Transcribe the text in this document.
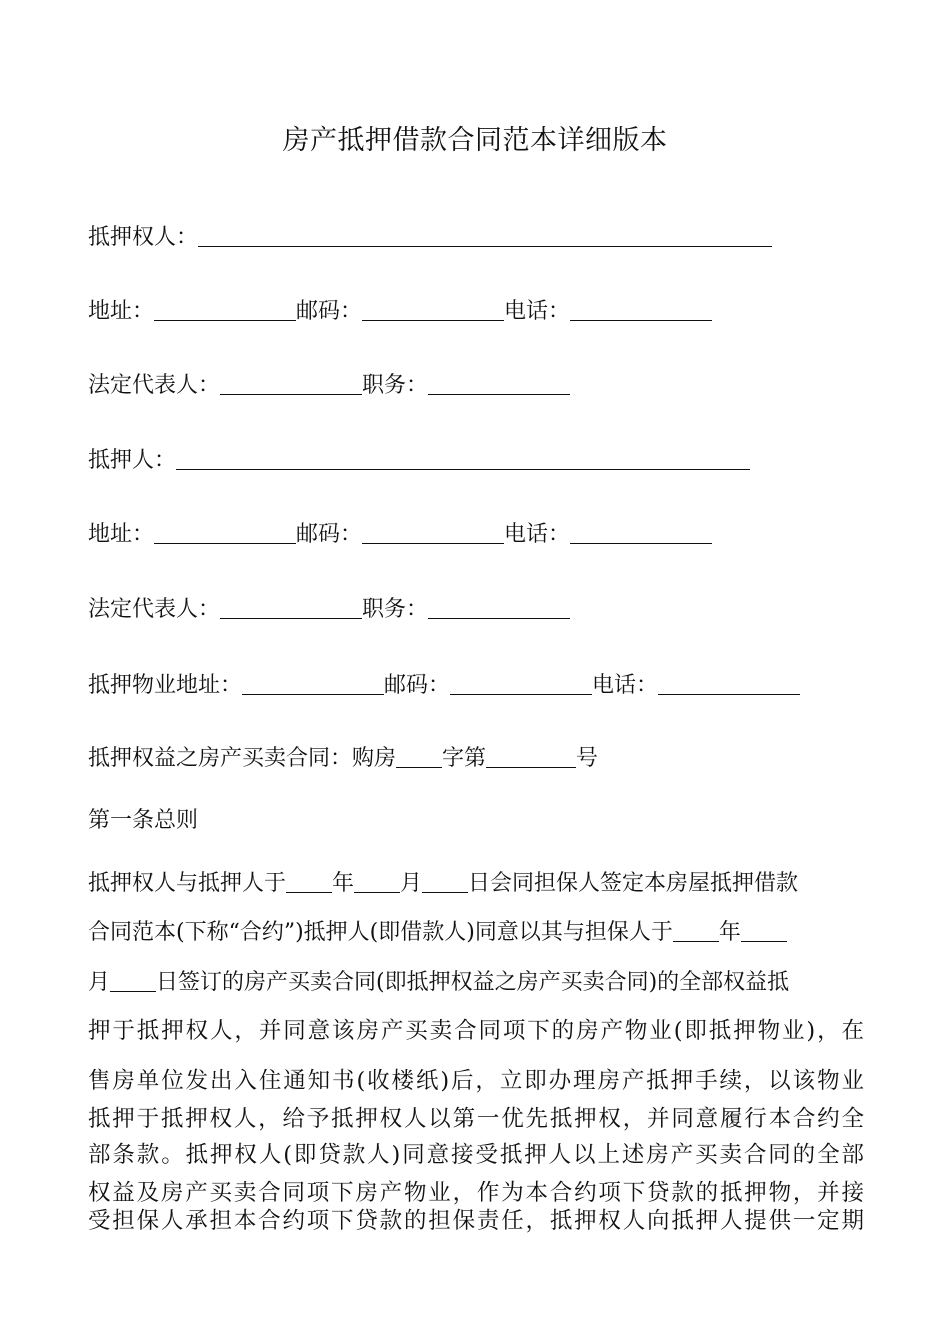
房产抵押借款合同范本详细版本
抵押权人：
地址：	邮码：	电话：
法定代表人：	职务：
抵押人：
地址：	邮码：	电话：
法定代表人：	职务：
抵押物业地址：	邮码：	电话：
抵押权益之房产买卖合同：购房 字第	号
第一条总则
抵押权人与抵押人于 年 月 日会同担保人签定本房屋抵押借款
合同范本(下称“合约”)抵押人(即借款人)同意以其与担保人于 年
月 日签订的房产买卖合同(即抵押权益之房产买卖合同)的全部权益抵
押于抵押权人，并同意该房产买卖合同项下的房产物业(即抵押物业)，在
售房单位发出入住通知书(收楼纸)后，立即办理房产抵押手续，以该物业
抵押于抵押权人，给予抵押权人以第一优先抵押权，并同意履行本合约全
部条款。抵押权人(即贷款人)同意接受抵押人以上述房产买卖合同的全部
权益及房产买卖合同项下房产物业，作为本合约项下贷款的抵押物，并接
受担保人承担本合约项下贷款的担保责任，抵押权人向抵押人提供一定期
